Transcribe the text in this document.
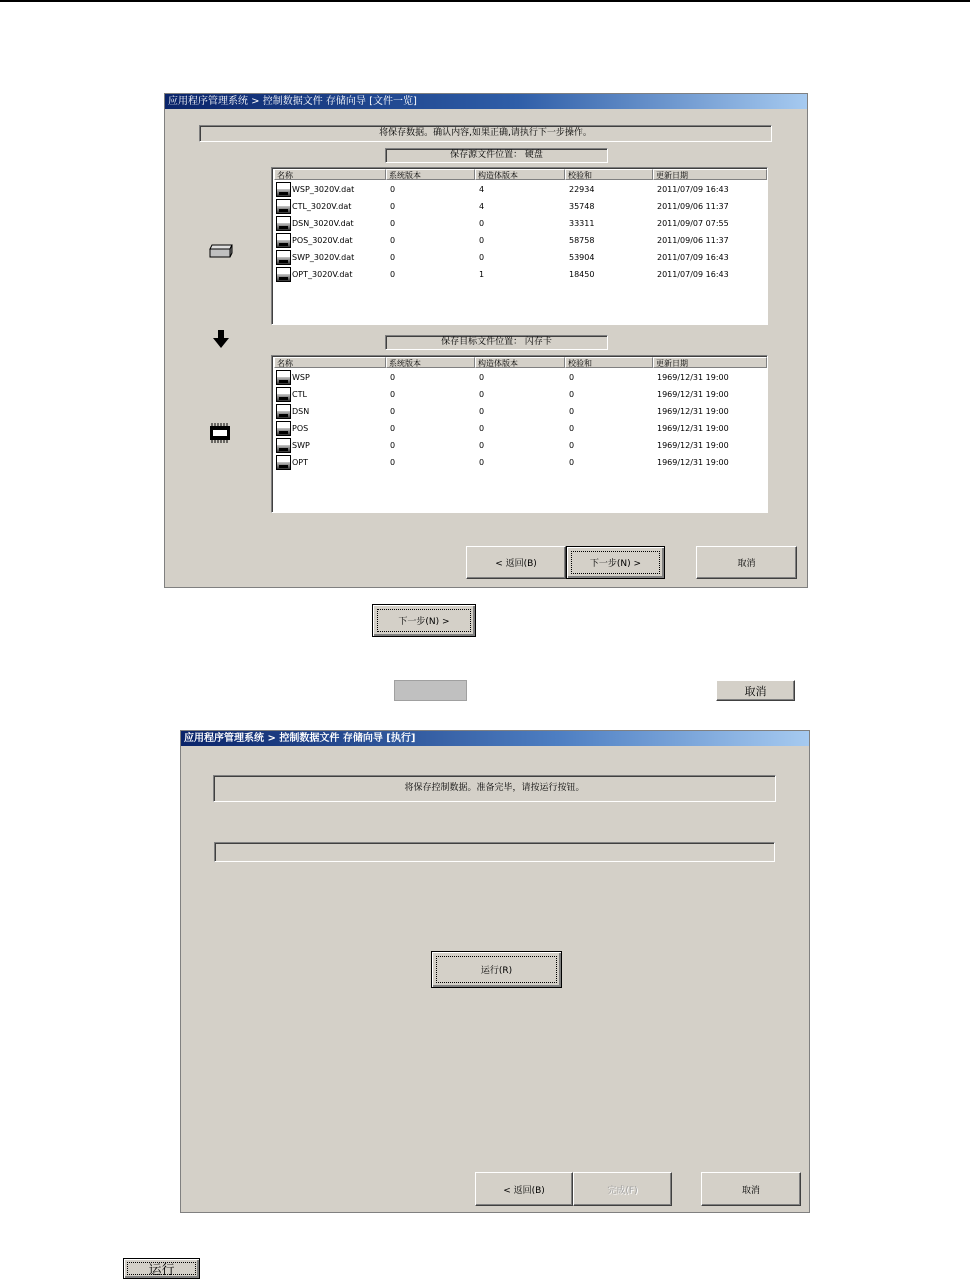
应用程序管理系统 > 控制数据文件 存储向导 [文件一览]
将保存数据。确认内容,如果正确,请执行下一步操作。
保存源文件位置： 硬盘
名称	系统版本	构造体版本	校验和	更新日期
WSP_3020V.dat	0	4	22934	2011/07/09 16:43
CTL_3020V.dat	0	4	35748	2011/09/06 11:37
DSN_3020V.dat	0	0	33311	2011/09/07 07:55
POS_3020V.dat	0	0	58758	2011/09/06 11:37
SWP_3020V.dat	0	0	53904	2011/07/09 16:43
OPT_3020V.dat	0	1	18450	2011/07/09 16:43
保存目标文件位置： 闪存卡
名称	系统版本	构造体版本	校验和	更新日期
WSP	0	0	0	1969/12/31 19:00
CTL	0	0	0	1969/12/31 19:00
DSN	0	0	0	1969/12/31 19:00
POS	0	0	0	1969/12/31 19:00
SWP	0	0	0	1969/12/31 19:00
OPT	0	0	0	1969/12/31 19:00
< 返回(B)	下一步(N) >	取消
下一步(N) >
取消
应用程序管理系统 > 控制数据文件 存储向导 [执行]
将保存控制数据。准备完毕，请按运行按钮。
运行(R)
< 返回(B)	完成(F)	取消
运行
